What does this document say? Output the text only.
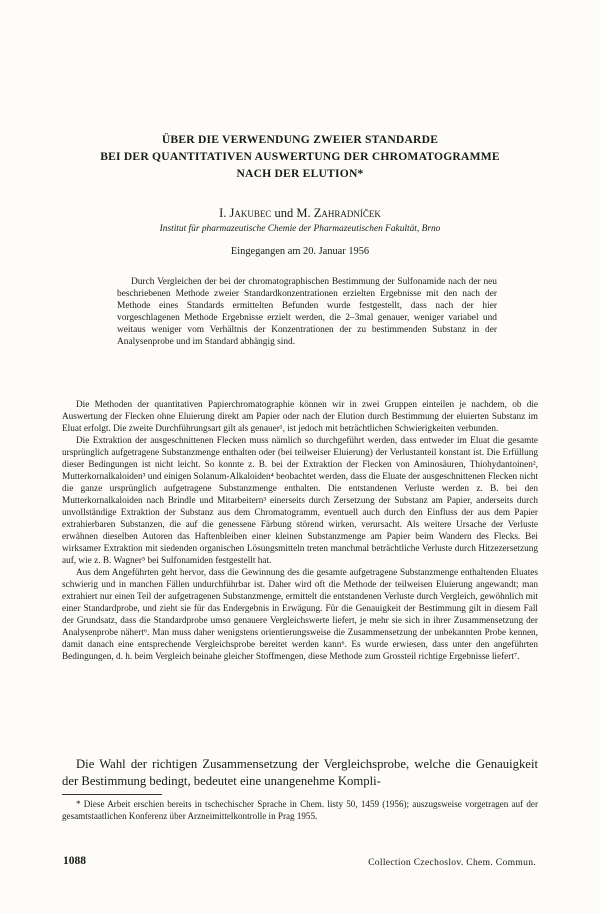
ÜBER DIE VERWENDUNG ZWEIER STANDARDE
BEI DER QUANTITATIVEN AUSWERTUNG DER CHROMATOGRAMME
NACH DER ELUTION*
I. Jakubec und M. Zahradníček
Institut für pharmazeutische Chemie der Pharmazeutischen Fakultät, Brno
Eingegangen am 20. Januar 1956

Durch Vergleichen der bei der chromatographischen Bestimmung der Sulfonamide nach der neu beschriebenen Methode zweier Standardkonzentrationen erzielten Ergebnisse mit den nach der Methode eines Standards ermittelten Befunden wurde festgestellt, dass nach der hier vorgeschlagenen Methode Ergebnisse erzielt werden, die 2–3mal genauer, weniger variabel und weitaus weniger vom Verhältnis der Konzentrationen der zu bestimmenden Substanz in der Analysenprobe und im Standard abhängig sind.

Die Methoden der quantitativen Papierchromatographie können wir in zwei Gruppen einteilen je nachdem, ob die Auswertung der Flecken ohne Eluierung direkt am Papier oder nach der Elution durch Bestimmung der eluierten Substanz im Eluat erfolgt. Die zweite Durchführungsart gilt als genauer¹, ist jedoch mit beträchtlichen Schwierigkeiten verbunden.

Die Extraktion der ausgeschnittenen Flecken muss nämlich so durchgeführt werden, dass entweder im Eluat die gesamte ursprünglich aufgetragene Substanzmenge enthalten oder (bei teilweiser Eluierung) der Verlustanteil konstant ist. Die Erfüllung dieser Bedingungen ist nicht leicht. So konnte z. B. bei der Extraktion der Flecken von Aminosäuren, Thiohydantoinen², Mutterkornalkaloiden³ und einigen Solanum-Alkaloiden⁴ beobachtet werden, dass die Eluate der ausgeschnittenen Flecken nicht die ganze ursprünglich aufgetragene Substanzmenge enthalten. Die entstandenen Verluste werden z. B. bei den Mutterkornalkaloiden nach Brindle und Mitarbeitern³ einerseits durch Zersetzung der Substanz am Papier, anderseits durch unvollständige Extraktion der Substanz aus dem Chromatogramm, eventuell auch durch den Einfluss der aus dem Papier extrahierbaren Substanzen, die auf die genessene Färbung störend wirken, verursacht. Als weitere Ursache der Verluste erwähnen dieselben Autoren das Haftenbleiben einer kleinen Substanzmenge am Papier beim Wandern des Flecks. Bei wirksamer Extraktion mit siedenden organischen Lösungsmitteln treten manchmal beträchtliche Verluste durch Hitzezersetzung auf, wie z. B. Wagner⁵ bei Sulfonamiden festgestellt hat.

Aus dem Angeführten geht hervor, dass die Gewinnung des die gesamte aufgetragene Substanzmenge enthaltenden Eluates schwierig und in manchen Fällen undurchführbar ist. Daher wird oft die Methode der teilweisen Eluierung angewandt; man extrahiert nur einen Teil der aufgetragenen Substanzmenge, ermittelt die entstandenen Verluste durch Vergleich, gewöhnlich mit einer Standardprobe, und zieht sie für das Endergebnis in Erwägung. Für die Genauigkeit der Bestimmung gilt in diesem Fall der Grundsatz, dass die Standardprobe umso genauere Vergleichswerte liefert, je mehr sie sich in ihrer Zusammensetzung der Analysenprobe nähert⁶. Man muss daher wenigstens orientierungsweise die Zusammensetzung der unbekannten Probe kennen, damit danach eine entsprechende Vergleichsprobe bereitet werden kann⁶. Es wurde erwiesen, dass unter den angeführten Bedingungen, d. h. beim Vergleich beinahe gleicher Stoffmengen, diese Methode zum Grossteil richtige Ergebnisse liefert⁷.

Die Wahl der richtigen Zusammensetzung der Vergleichsprobe, welche die Genauigkeit der Bestimmung bedingt, bedeutet eine unangenehme Kompli-

* Diese Arbeit erschien bereits in tschechischer Sprache in Chem. listy 50, 1459 (1956); auszugsweise vorgetragen auf der gesamtstaatlichen Konferenz über Arzneimittelkontrolle in Prag 1955.

1088	Collection Czechoslov. Chem. Commun.
